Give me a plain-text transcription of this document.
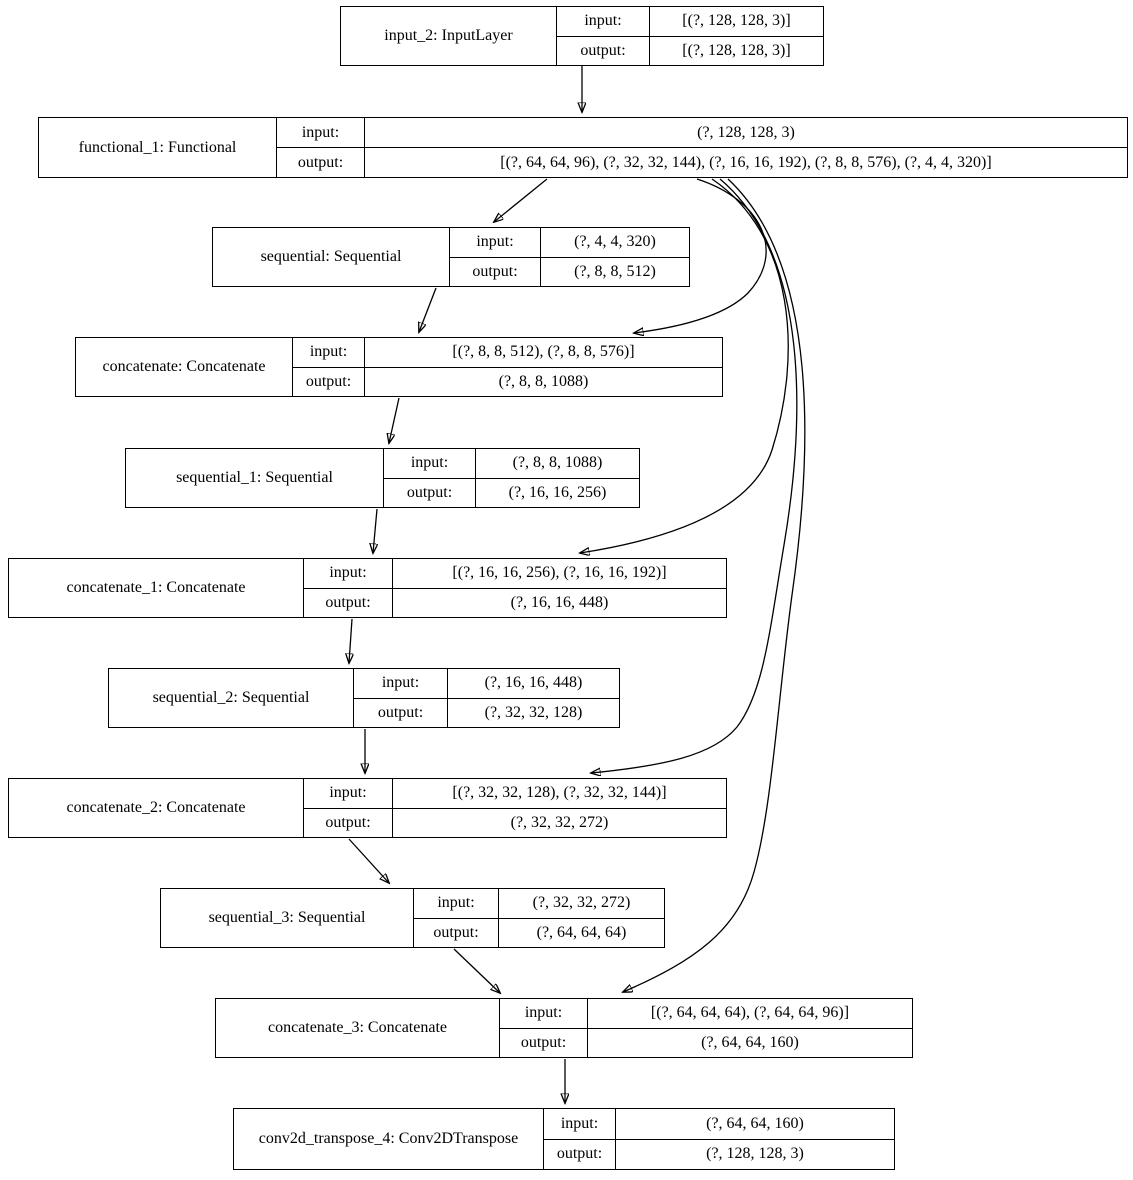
input_2: InputLayer
input:
output:
[(?, 128, 128, 3)]
[(?, 128, 128, 3)]
functional_1: Functional
input:
output:
(?, 128, 128, 3)
[(?, 64, 64, 96), (?, 32, 32, 144), (?, 16, 16, 192), (?, 8, 8, 576), (?, 4, 4, 320)]
sequential: Sequential
input:
output:
(?, 4, 4, 320)
(?, 8, 8, 512)
concatenate: Concatenate
input:
output:
[(?, 8, 8, 512), (?, 8, 8, 576)]
(?, 8, 8, 1088)
sequential_1: Sequential
input:
output:
(?, 8, 8, 1088)
(?, 16, 16, 256)
concatenate_1: Concatenate
input:
output:
[(?, 16, 16, 256), (?, 16, 16, 192)]
(?, 16, 16, 448)
sequential_2: Sequential
input:
output:
(?, 16, 16, 448)
(?, 32, 32, 128)
concatenate_2: Concatenate
input:
output:
[(?, 32, 32, 128), (?, 32, 32, 144)]
(?, 32, 32, 272)
sequential_3: Sequential
input:
output:
(?, 32, 32, 272)
(?, 64, 64, 64)
concatenate_3: Concatenate
input:
output:
[(?, 64, 64, 64), (?, 64, 64, 96)]
(?, 64, 64, 160)
conv2d_transpose_4: Conv2DTranspose
input:
output:
(?, 64, 64, 160)
(?, 128, 128, 3)
